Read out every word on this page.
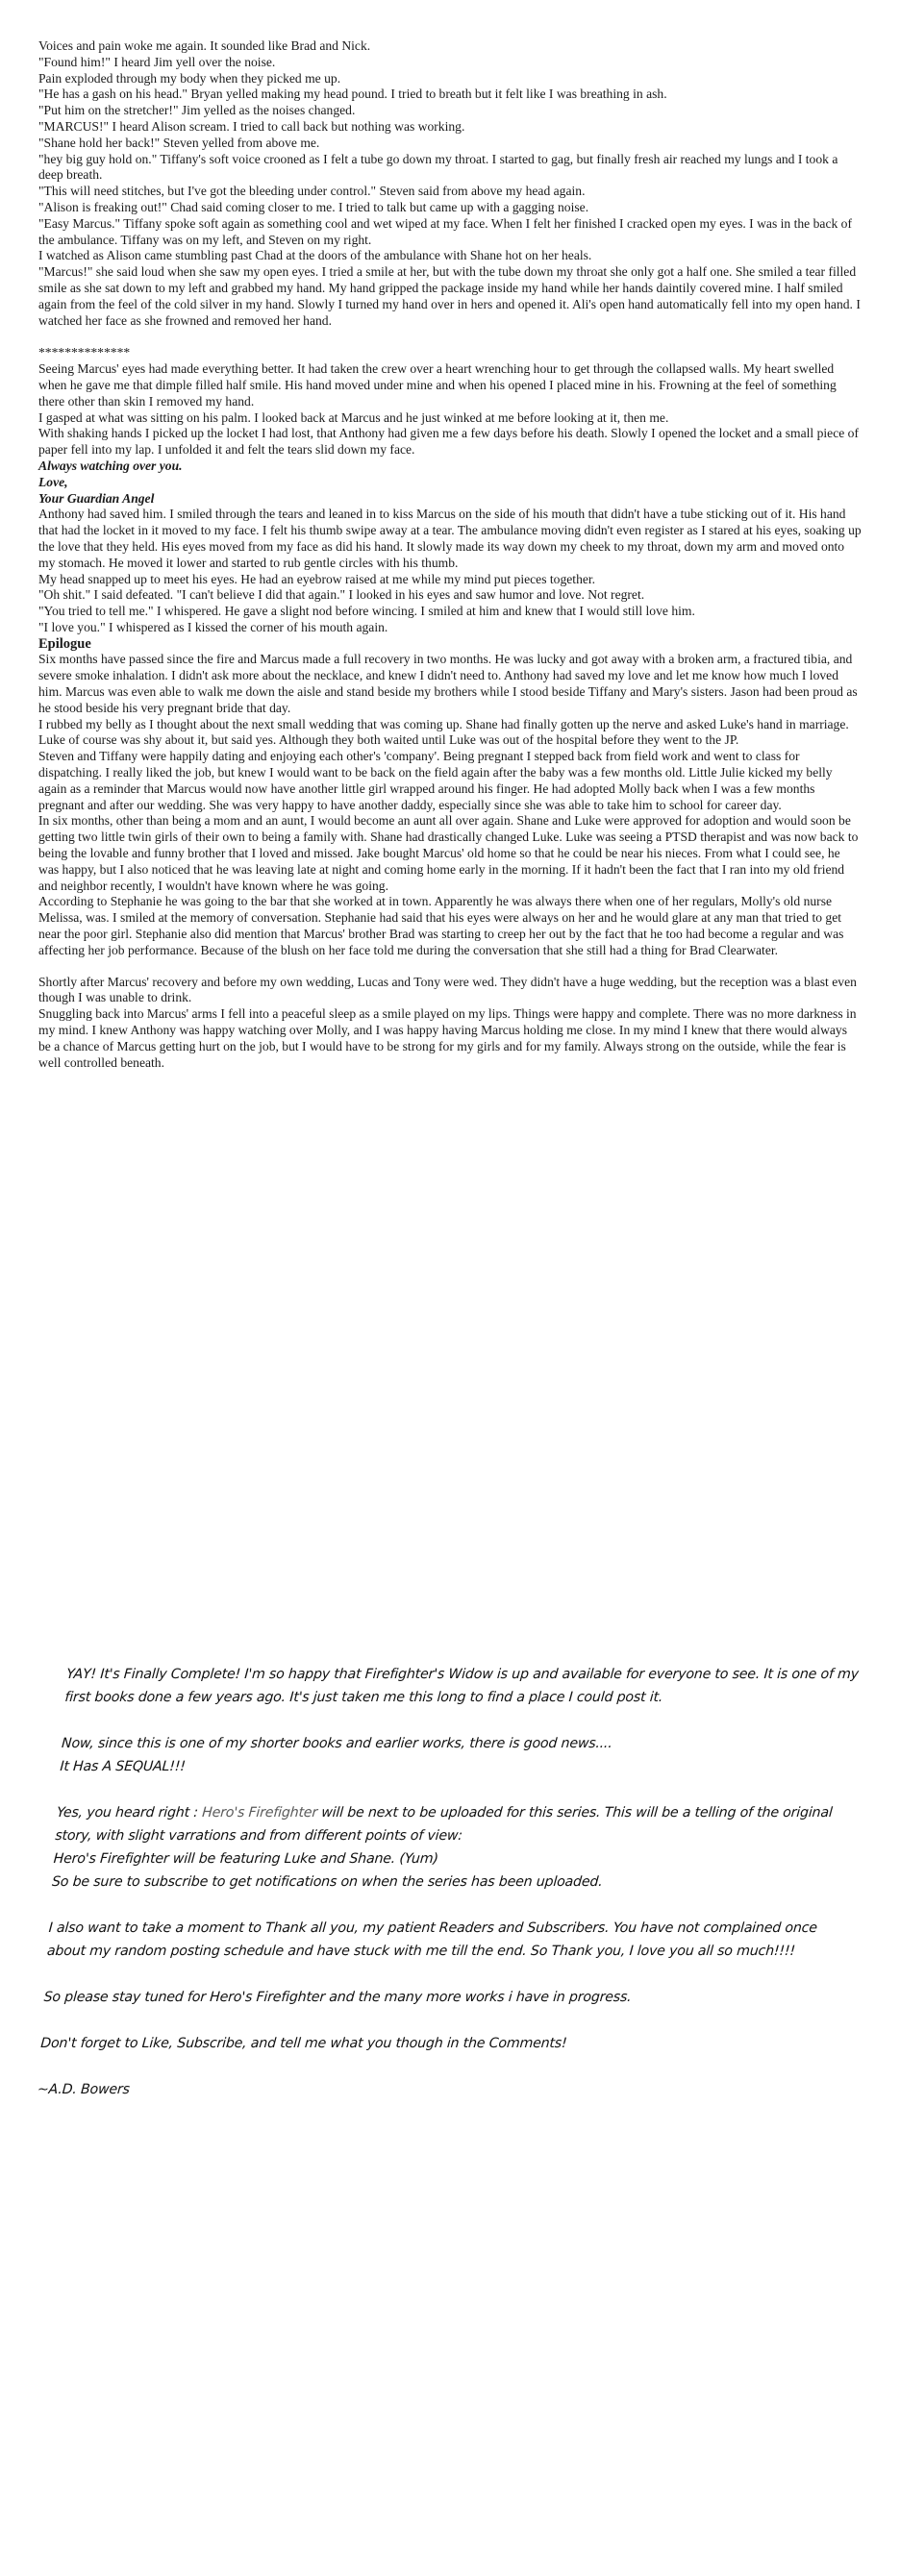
Voices and pain woke me again. It sounded like Brad and Nick.

"Found him!" I heard Jim yell over the noise.

Pain exploded through my body when they picked me up.

"He has a gash on his head." Bryan yelled making my head pound. I tried to breath but it felt like I was breathing in ash.

"Put him on the stretcher!" Jim yelled as the noises changed.

"MARCUS!" I heard Alison scream. I tried to call back but nothing was working.

"Shane hold her back!" Steven yelled from above me.

"hey big guy hold on." Tiffany's soft voice crooned as I felt a tube go down my throat. I started to gag, but finally fresh air reached my lungs and I took a deep breath.

"This will need stitches, but I've got the bleeding under control." Steven said from above my head again.

"Alison is freaking out!" Chad said coming closer to me. I tried to talk but came up with a gagging noise.

"Easy Marcus." Tiffany spoke soft again as something cool and wet wiped at my face. When I felt her finished I cracked open my eyes. I was in the back of the ambulance. Tiffany was on my left, and Steven on my right.

I watched as Alison came stumbling past Chad at the doors of the ambulance with Shane hot on her heals.

"Marcus!" she said loud when she saw my open eyes. I tried a smile at her, but with the tube down my throat she only got a half one. She smiled a tear filled smile as she sat down to my left and grabbed my hand. My hand gripped the package inside my hand while her hands daintily covered mine. I half smiled again from the feel of the cold silver in my hand. Slowly I turned my hand over in hers and opened it. Ali's open hand automatically fell into my open hand. I watched her face as she frowned and removed her hand.

**************

Seeing Marcus' eyes had made everything better. It had taken the crew over a heart wrenching hour to get through the collapsed walls. My heart swelled when he gave me that dimple filled half smile. His hand moved under mine and when his opened I placed mine in his. Frowning at the feel of something there other than skin I removed my hand.

I gasped at what was sitting on his palm. I looked back at Marcus and he just winked at me before looking at it, then me.

With shaking hands I picked up the locket I had lost, that Anthony had given me a few days before his death. Slowly I opened the locket and a small piece of paper fell into my lap. I unfolded it and felt the tears slid down my face.

Always watching over you.

Love,

Your Guardian Angel

Anthony had saved him. I smiled through the tears and leaned in to kiss Marcus on the side of his mouth that didn't have a tube sticking out of it. His hand that had the locket in it moved to my face. I felt his thumb swipe away at a tear. The ambulance moving didn't even register as I stared at his eyes, soaking up the love that they held. His eyes moved from my face as did his hand. It slowly made its way down my cheek to my throat, down my arm and moved onto my stomach. He moved it lower and started to rub gentle circles with his thumb.

My head snapped up to meet his eyes. He had an eyebrow raised at me while my mind put pieces together.

"Oh shit." I said defeated. "I can't believe I did that again." I looked in his eyes and saw humor and love. Not regret.

"You tried to tell me." I whispered. He gave a slight nod before wincing. I smiled at him and knew that I would still love him.

"I love you." I whispered as I kissed the corner of his mouth again.

Epilogue

Six months have passed since the fire and Marcus made a full recovery in two months. He was lucky and got away with a broken arm, a fractured tibia, and severe smoke inhalation. I didn't ask more about the necklace, and knew I didn't need to. Anthony had saved my love and let me know how much I loved him. Marcus was even able to walk me down the aisle and stand beside my brothers while I stood beside Tiffany and Mary's sisters. Jason had been proud as he stood beside his very pregnant bride that day.

I rubbed my belly as I thought about the next small wedding that was coming up. Shane had finally gotten up the nerve and asked Luke's hand in marriage. Luke of course was shy about it, but said yes. Although they both waited until Luke was out of the hospital before they went to the JP.

Steven and Tiffany were happily dating and enjoying each other's 'company'. Being pregnant I stepped back from field work and went to class for dispatching. I really liked the job, but knew I would want to be back on the field again after the baby was a few months old. Little Julie kicked my belly again as a reminder that Marcus would now have another little girl wrapped around his finger. He had adopted Molly back when I was a few months pregnant and after our wedding. She was very happy to have another daddy, especially since she was able to take him to school for career day.

In six months, other than being a mom and an aunt, I would become an aunt all over again. Shane and Luke were approved for adoption and would soon be getting two little twin girls of their own to being a family with. Shane had drastically changed Luke. Luke was seeing a PTSD therapist and was now back to being the lovable and funny brother that I loved and missed. Jake bought Marcus' old home so that he could be near his nieces. From what I could see, he was happy, but I also noticed that he was leaving late at night and coming home early in the morning. If it hadn't been the fact that I ran into my old friend and neighbor recently, I wouldn't have known where he was going.

According to Stephanie he was going to the bar that she worked at in town. Apparently he was always there when one of her regulars, Molly's old nurse Melissa, was. I smiled at the memory of conversation. Stephanie had said that his eyes were always on her and he would glare at any man that tried to get near the poor girl. Stephanie also did mention that Marcus' brother Brad was starting to creep her out by the fact that he too had become a regular and was affecting her job performance. Because of the blush on her face told me during the conversation that she still had a thing for Brad Clearwater.

Shortly after Marcus' recovery and before my own wedding, Lucas and Tony were wed. They didn't have a huge wedding, but the reception was a blast even though I was unable to drink.

Snuggling back into Marcus' arms I fell into a peaceful sleep as a smile played on my lips. Things were happy and complete. There was no more darkness in my mind. I knew Anthony was happy watching over Molly, and I was happy having Marcus holding me close. In my mind I knew that there would always be a chance of Marcus getting hurt on the job, but I would have to be strong for my girls and for my family. Always strong on the outside, while the fear is well controlled beneath.

YAY! It's Finally Complete! I'm so happy that Firefighter's Widow is up and available for everyone to see. It is one of my first books done a few years ago. It's just taken me this long to find a place I could post it.

Now, since this is one of my shorter books and earlier works, there is good news....

It Has A SEQUAL!!!

Yes, you heard right : Hero's Firefighter will be next to be uploaded for this series. This will be a telling of the original story, with slight varrations and from different points of view:

Hero's Firefighter will be featuring Luke and Shane. (Yum)

So be sure to subscribe to get notifications on when the series has been uploaded.

I also want to take a moment to Thank all you, my patient Readers and Subscribers. You have not complained once about my random posting schedule and have stuck with me till the end. So Thank you, I love you all so much!!!!

So please stay tuned for Hero's Firefighter and the many more works i have in progress.

Don't forget to Like, Subscribe, and tell me what you though in the Comments!

~A.D. Bowers
